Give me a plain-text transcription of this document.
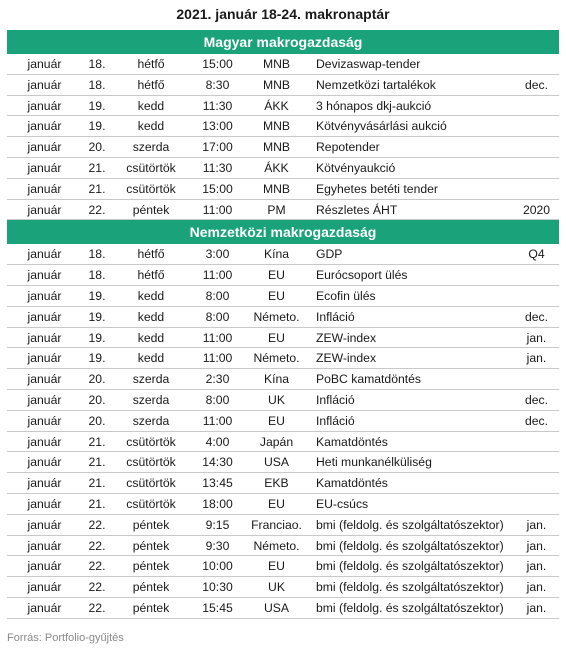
2021. január 18-24. makronaptár
Magyar makrogazdaság
január	18.	hétfő	15:00	MNB	Devizaswap-tender
január	18.	hétfő	8:30	MNB	Nemzetközi tartalékok	dec.
január	19.	kedd	11:30	ÁKK	3 hónapos dkj-aukció
január	19.	kedd	13:00	MNB	Kötvényvásárlási aukció
január	20.	szerda	17:00	MNB	Repotender
január	21.	csütörtök	11:30	ÁKK	Kötvényaukció
január	21.	csütörtök	15:00	MNB	Egyhetes betéti tender
január	22.	péntek	11:00	PM	Részletes ÁHT	2020
Nemzetközi makrogazdaság
január	18.	hétfő	3:00	Kína	GDP	Q4
január	18.	hétfő	11:00	EU	Eurócsoport ülés
január	19.	kedd	8:00	EU	Ecofin ülés
január	19.	kedd	8:00	Németo.	Infláció	dec.
január	19.	kedd	11:00	EU	ZEW-index	jan.
január	19.	kedd	11:00	Németo.	ZEW-index	jan.
január	20.	szerda	2:30	Kína	PoBC kamatdöntés
január	20.	szerda	8:00	UK	Infláció	dec.
január	20.	szerda	11:00	EU	Infláció	dec.
január	21.	csütörtök	4:00	Japán	Kamatdöntés
január	21.	csütörtök	14:30	USA	Heti munkanélküliség
január	21.	csütörtök	13:45	EKB	Kamatdöntés
január	21.	csütörtök	18:00	EU	EU-csúcs
január	22.	péntek	9:15	Franciao.	bmi (feldolg. és szolgáltatószektor)	jan.
január	22.	péntek	9:30	Németo.	bmi (feldolg. és szolgáltatószektor)	jan.
január	22.	péntek	10:00	EU	bmi (feldolg. és szolgáltatószektor)	jan.
január	22.	péntek	10:30	UK	bmi (feldolg. és szolgáltatószektor)	jan.
január	22.	péntek	15:45	USA	bmi (feldolg. és szolgáltatószektor)	jan.
Forrás: Portfolio-gyűjtés
